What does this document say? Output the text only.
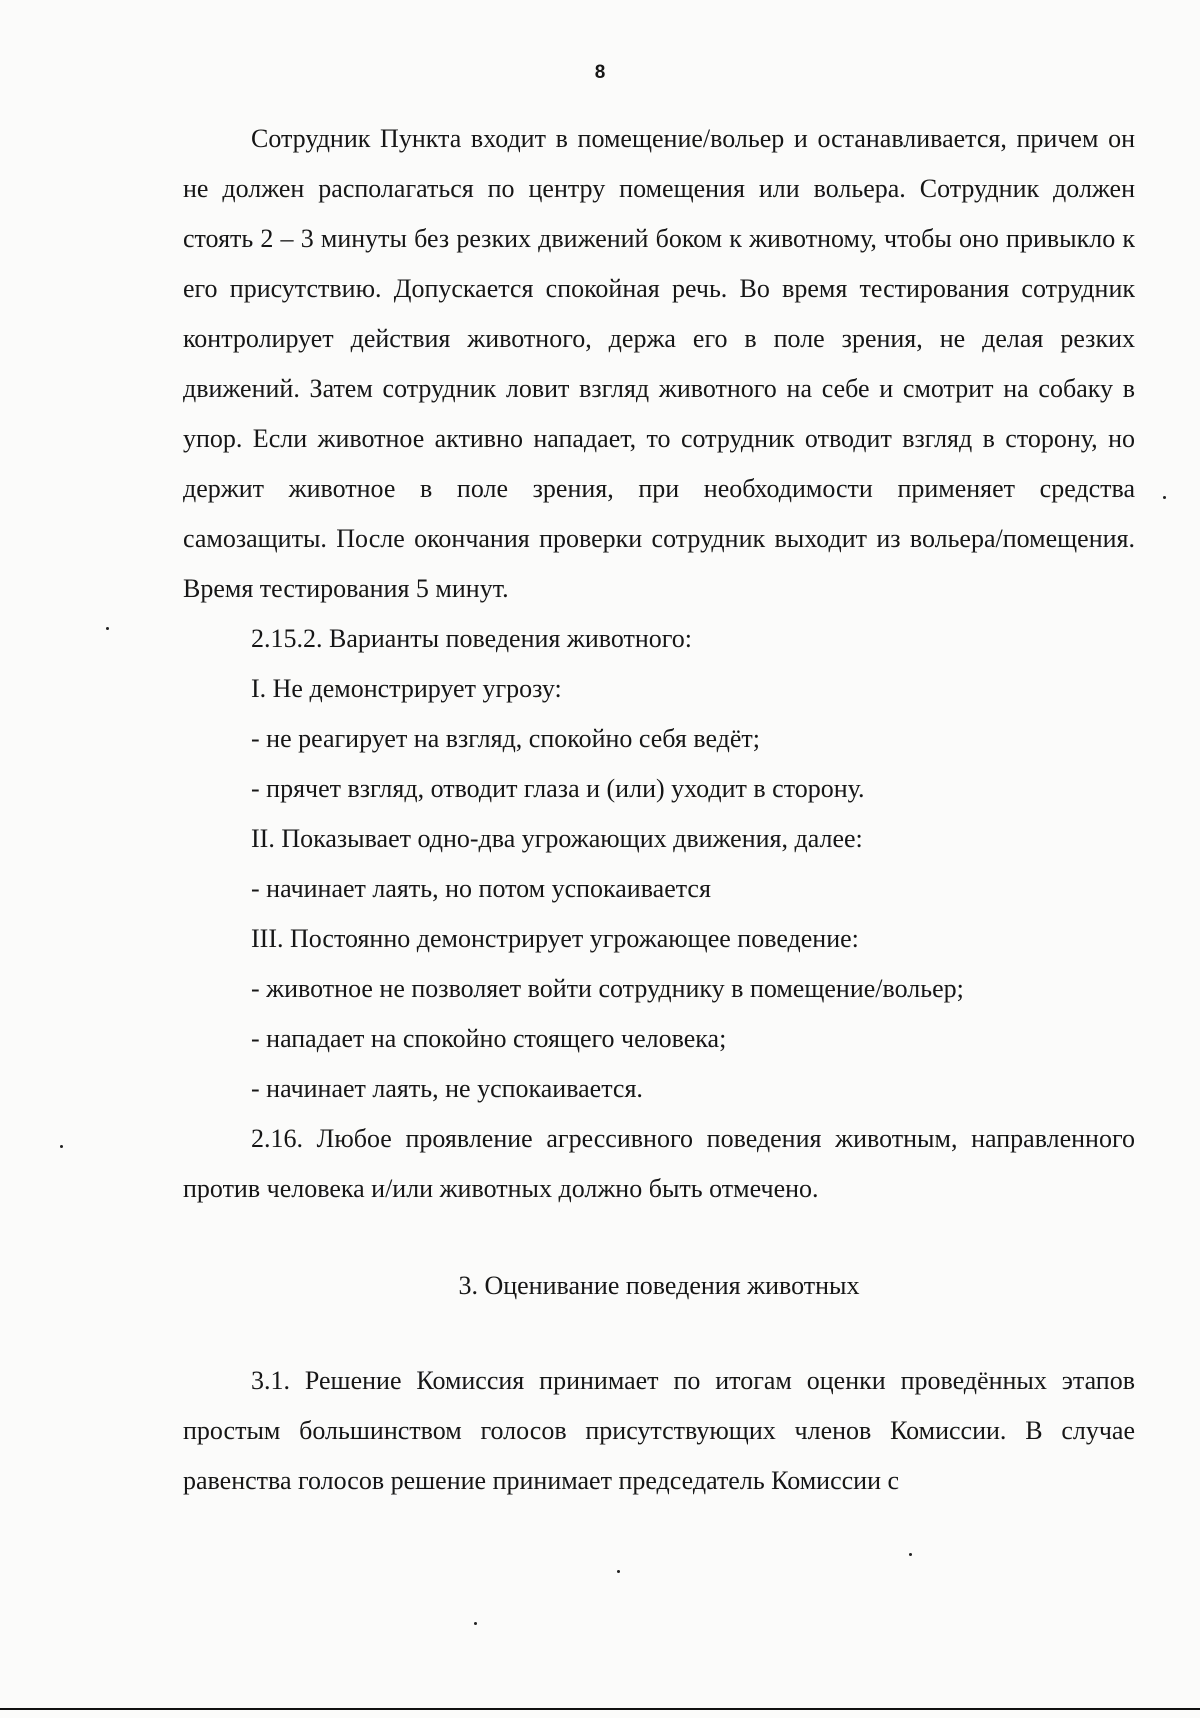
8

Сотрудник Пункта входит в помещение/вольер и останавливается, причем он не должен располагаться по центру помещения или вольера. Сотрудник должен стоять 2 – 3 минуты без резких движений боком к животному, чтобы оно привыкло к его присутствию. Допускается спокойная речь. Во время тестирования сотрудник контролирует действия животного, держа его в поле зрения, не делая резких движений. Затем сотрудник ловит взгляд животного на себе и смотрит на собаку в упор. Если животное активно нападает, то сотрудник отводит взгляд в сторону, но держит животное в поле зрения, при необходимости применяет средства самозащиты. После окончания проверки сотрудник выходит из вольера/помещения. Время тестирования 5 минут.

2.15.2. Варианты поведения животного:

I. Не демонстрирует угрозу:

- не реагирует на взгляд, спокойно себя ведёт;

- прячет взгляд, отводит глаза и (или) уходит в сторону.

II. Показывает одно-два угрожающих движения, далее:

- начинает лаять, но потом успокаивается

III. Постоянно демонстрирует угрожающее поведение:

- животное не позволяет войти сотруднику в помещение/вольер;

- нападает на спокойно стоящего человека;

- начинает лаять, не успокаивается.

2.16. Любое проявление агрессивного поведения животным, направленного против человека и/или животных должно быть отмечено.

3. Оценивание поведения животных

3.1. Решение Комиссия принимает по итогам оценки проведённых этапов простым большинством голосов присутствующих членов Комиссии. В случае равенства голосов решение принимает председатель Комиссии с
